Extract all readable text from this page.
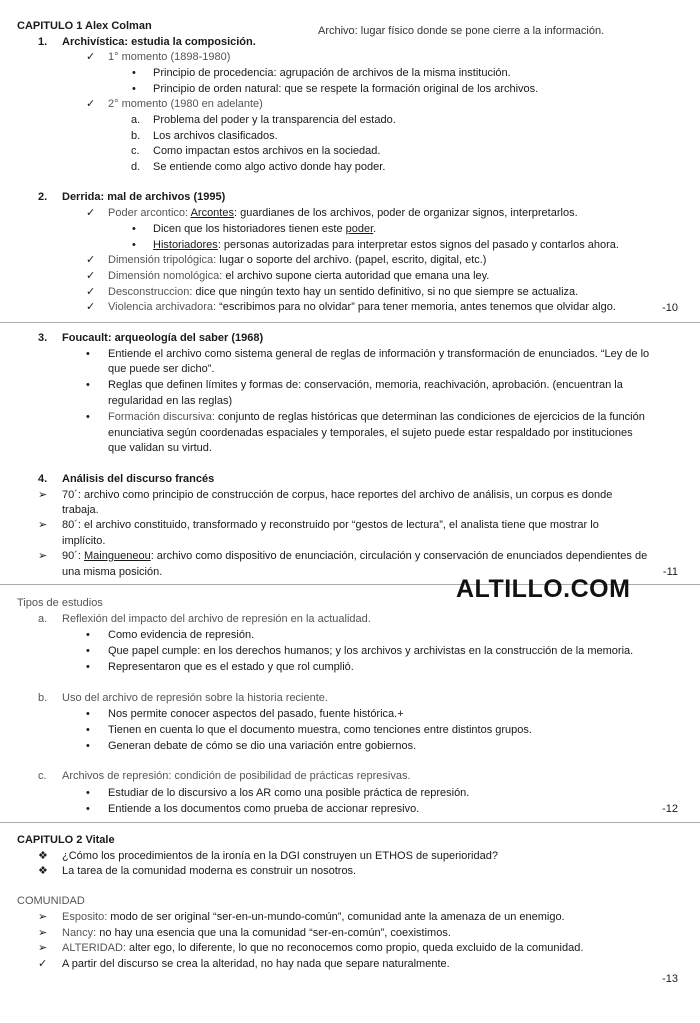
CAPITULO 1 Alex Colman	Archivo: lugar físico donde se pone cierre a la información.
1. Archivística: estudia la composición.
✓ 1° momento (1898-1980)
• Principio de procedencia: agrupación de archivos de la misma institución.
• Principio de orden natural: que se respete la formación original de los archivos.
✓ 2° momento (1980 en adelante)
a. Problema del poder y la transparencia del estado.
b. Los archivos clasificados.
c. Como impactan estos archivos en la sociedad.
d. Se entiende como algo activo donde hay poder.
2. Derrida: mal de archivos (1995)
✓ Poder arcontico: Arcontes: guardianes de los archivos, poder de organizar signos, interpretarlos.
• Dicen que los historiadores tienen este poder.
• Historiadores: personas autorizadas para interpretar estos signos del pasado y contarlos ahora.
✓ Dimensión tripológica: lugar o soporte del archivo. (papel, escrito, digital, etc.)
✓ Dimensión nomológica: el archivo supone cierta autoridad que emana una ley.
✓ Desconstruccion: dice que ningún texto hay un sentido definitivo, si no que siempre se actualiza.
✓ Violencia archivadora: “escribimos para no olvidar” para tener memoria, antes tenemos que olvidar algo.	-10
3. Foucault: arqueología del saber (1968)
• Entiende el archivo como sistema general de reglas de información y transformación de enunciados. “Ley de lo
que puede ser dicho”.
• Reglas que definen límites y formas de: conservación, memoria, reachivación, aprobación. (encuentran la
regularidad en las reglas)
• Formación discursiva: conjunto de reglas históricas que determinan las condiciones de ejercicios de la función
enunciativa según coordenadas espaciales y temporales, el sujeto puede estar respaldado por instituciones
que validan su virtud.
4. Análisis del discurso francés
➢ 70´: archivo como principio de construcción de corpus, hace reportes del archivo de análisis, un corpus es donde
trabaja.
➢ 80´: el archivo constituido, transformado y reconstruido por “gestos de lectura”, el analista tiene que mostrar lo
implícito.
➢ 90´: Maingueneou: archivo como dispositivo de enunciación, circulación y conservación de enunciados dependientes de
una misma posición.	-11
ALTILLO.COM
Tipos de estudios
a. Reflexión del impacto del archivo de represión en la actualidad.
• Como evidencia de represión.
• Que papel cumple: en los derechos humanos; y los archivos y archivistas en la construcción de la memoria.
• Representaron que es el estado y que rol cumplió.
b. Uso del archivo de represión sobre la historia reciente.
• Nos permite conocer aspectos del pasado, fuente histórica.+
• Tienen en cuenta lo que el documento muestra, como tenciones entre distintos grupos.
• Generan debate de cómo se dio una variación entre gobiernos.
c. Archivos de represión: condición de posibilidad de prácticas represivas.
• Estudiar de lo discursivo a los AR como una posible práctica de represión.
• Entiende a los documentos como prueba de accionar represivo.	-12
CAPITULO 2 Vitale
❖ ¿Cómo los procedimientos de la ironía en la DGI construyen un ETHOS de superioridad?
❖ La tarea de la comunidad moderna es construir un nosotros.
COMUNIDAD
➢ Esposito: modo de ser original “ser-en-un-mundo-común”, comunidad ante la amenaza de un enemigo.
➢ Nancy: no hay una esencia que una la comunidad “ser-en-común”, coexistimos.
➢ ALTERIDAD: alter ego, lo diferente, lo que no reconocemos como propio, queda excluido de la comunidad.
✓ A partir del discurso se crea la alteridad, no hay nada que separe naturalmente.
-13
